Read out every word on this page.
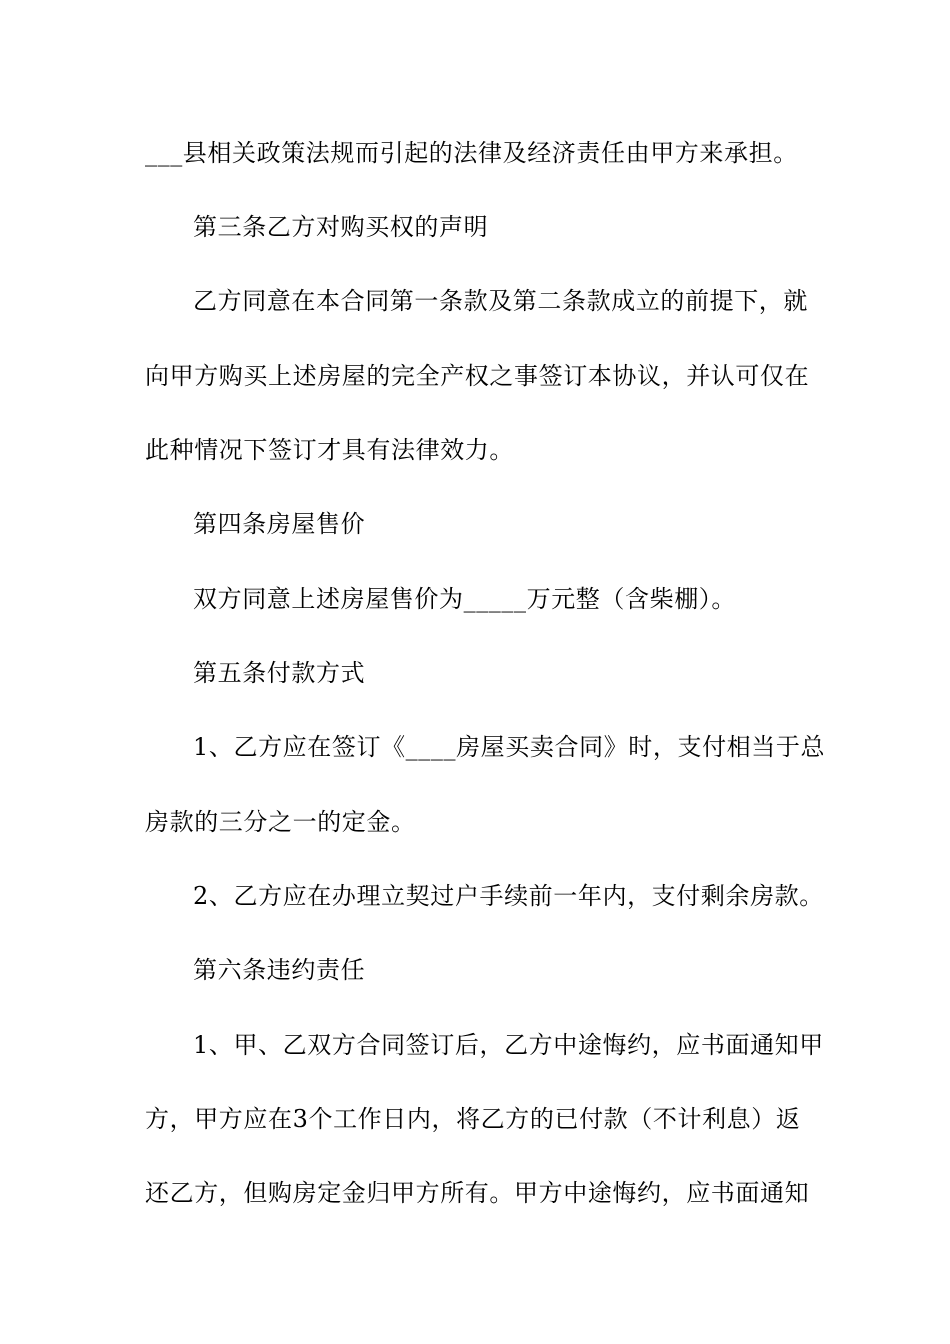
___县相关政策法规而引起的法律及经济责任由甲方来承担。
第三条乙方对购买权的声明
乙方同意在本合同第一条款及第二条款成立的前提下，就
向甲方购买上述房屋的完全产权之事签订本协议，并认可仅在
此种情况下签订才具有法律效力。
第四条房屋售价
双方同意上述房屋售价为_____万元整（含柴棚）。
第五条付款方式
1、乙方应在签订《____房屋买卖合同》时，支付相当于总
房款的三分之一的定金。
2、乙方应在办理立契过户手续前一年内，支付剩余房款。
第六条违约责任
1、甲、乙双方合同签订后，乙方中途悔约，应书面通知甲
方，甲方应在3个工作日内，将乙方的已付款（不计利息）返
还乙方，但购房定金归甲方所有。甲方中途悔约，应书面通知
